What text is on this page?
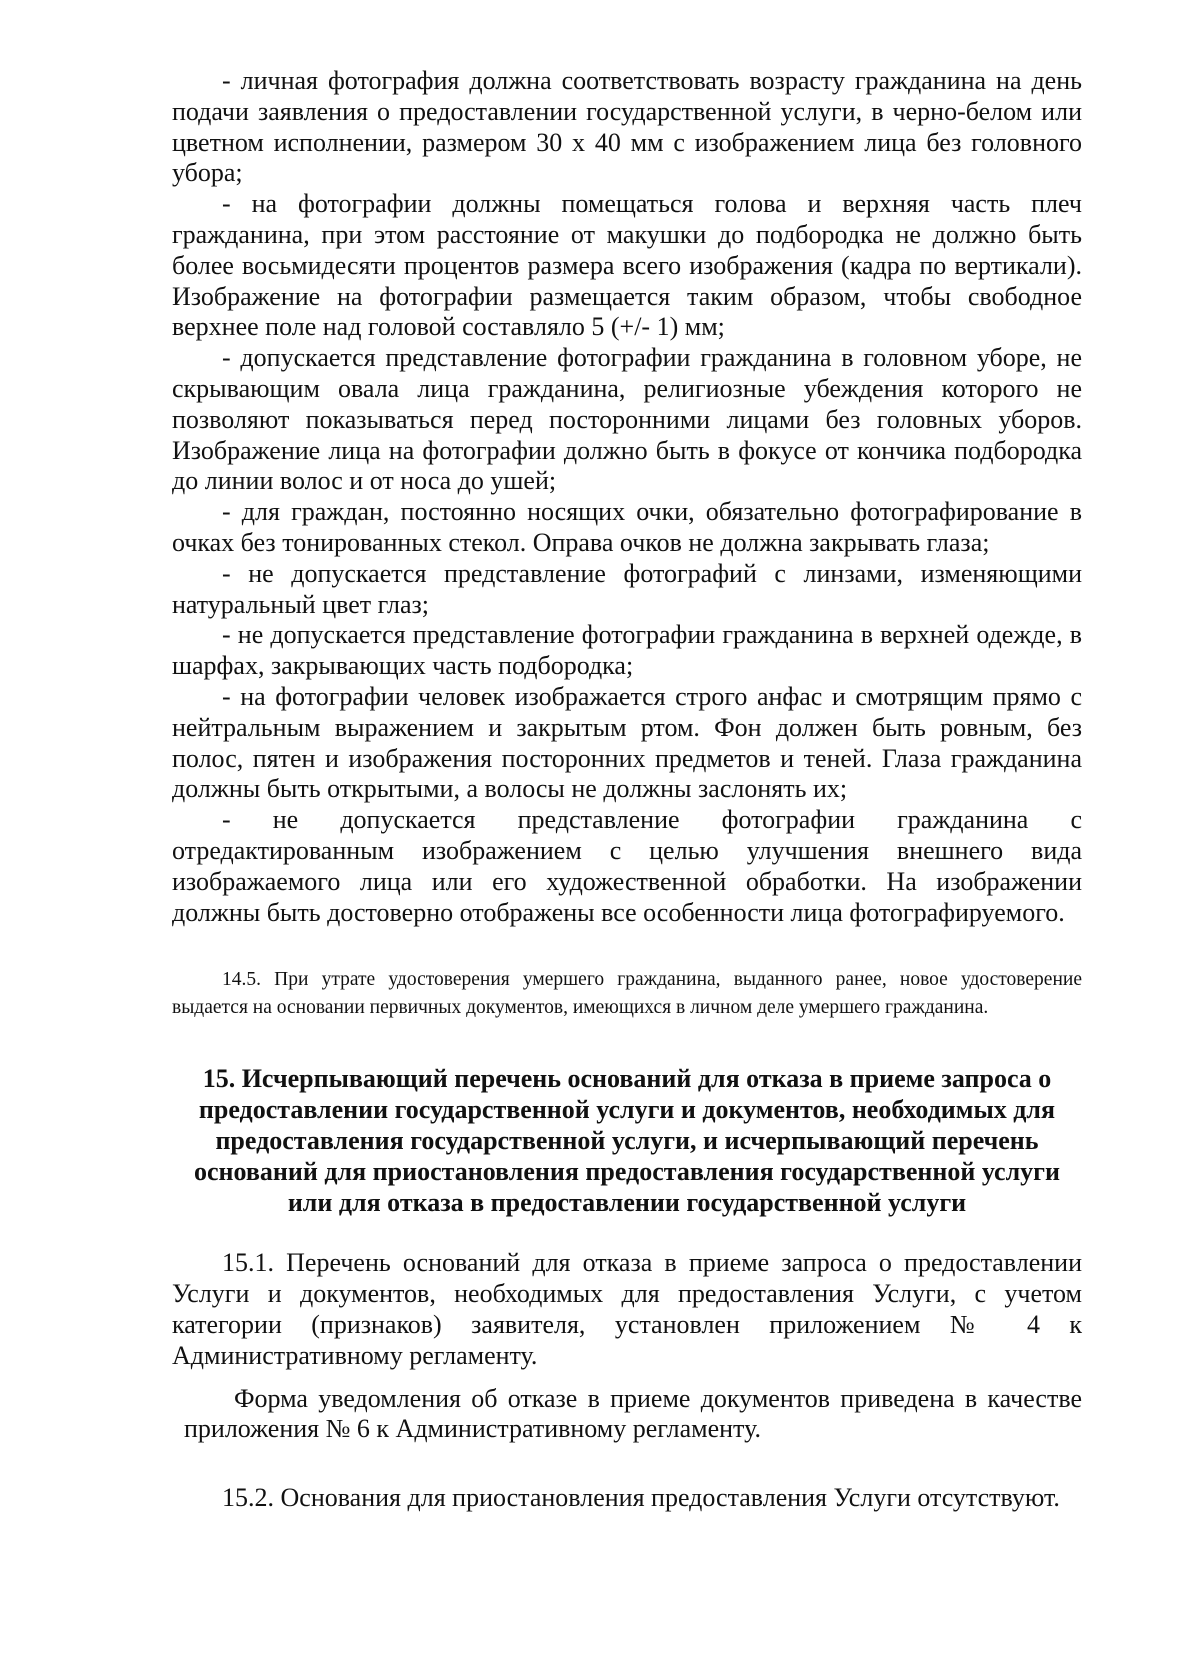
- личная фотография должна соответствовать возрасту гражданина на день подачи заявления о предоставлении государственной услуги, в черно-белом или цветном исполнении, размером 30 х 40 мм с изображением лица без головного убора;

- на фотографии должны помещаться голова и верхняя часть плеч гражданина, при этом расстояние от макушки до подбородка не должно быть более восьмидесяти процентов размера всего изображения (кадра по вертикали). Изображение на фотографии размещается таким образом, чтобы свободное верхнее поле над головой составляло 5 (+/- 1) мм;

- допускается представление фотографии гражданина в головном уборе, не скрывающим овала лица гражданина, религиозные убеждения которого не позволяют показываться перед посторонними лицами без головных уборов. Изображение лица на фотографии должно быть в фокусе от кончика подбородка до линии волос и от носа до ушей;

- для граждан, постоянно носящих очки, обязательно фотографирование в очках без тонированных стекол. Оправа очков не должна закрывать глаза;

- не допускается представление фотографий с линзами, изменяющими натуральный цвет глаз;

- не допускается представление фотографии гражданина в верхней одежде, в шарфах, закрывающих часть подбородка;

- на фотографии человек изображается строго анфас и смотрящим прямо с нейтральным выражением и закрытым ртом. Фон должен быть ровным, без полос, пятен и изображения посторонних предметов и теней. Глаза гражданина должны быть открытыми, а волосы не должны заслонять их;

- не допускается представление фотографии гражданина с отредактированным изображением с целью улучшения внешнего вида изображаемого лица или его художественной обработки. На изображении должны быть достоверно отображены все особенности лица фотографируемого.

14.5. При утрате удостоверения умершего гражданина, выданного ранее, новое удостоверение выдается на основании первичных документов, имеющихся в личном деле умершего гражданина.

15. Исчерпывающий перечень оснований для отказа в приеме запроса о
предоставлении государственной услуги и документов, необходимых для
предоставления государственной услуги, и исчерпывающий перечень
оснований для приостановления предоставления государственной услуги
или для отказа в предоставлении государственной услуги

15.1. Перечень оснований для отказа в приеме запроса о предоставлении Услуги и документов, необходимых для предоставления Услуги, с учетом категории (признаков) заявителя, установлен приложением № 4 к Административному регламенту.

Форма уведомления об отказе в приеме документов приведена в качестве приложения № 6 к Административному регламенту.

15.2. Основания для приостановления предоставления Услуги отсутствуют.
